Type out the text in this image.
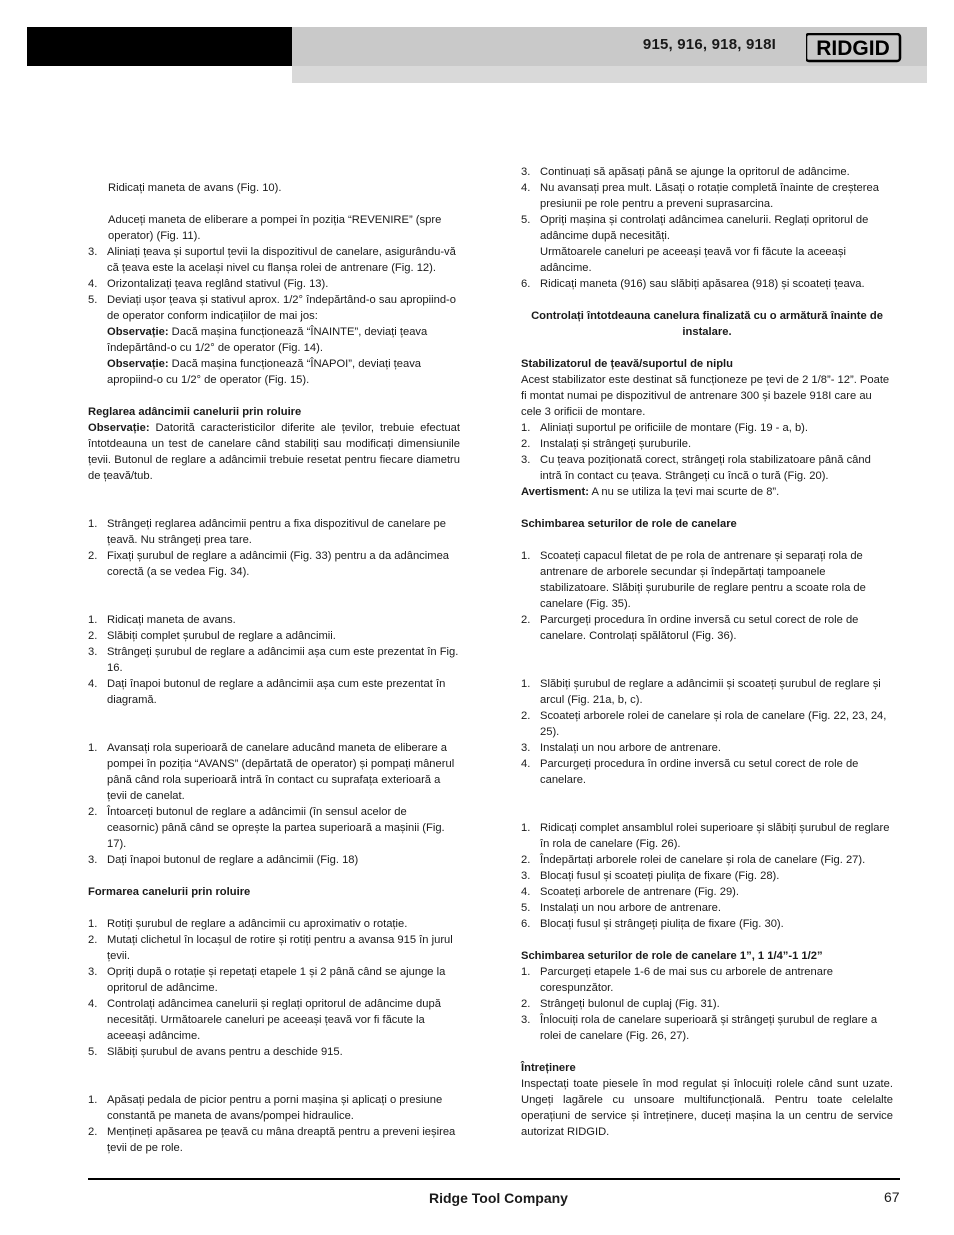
915, 916, 918, 918I RIDGID

Ridicați maneta de avans (Fig. 10).

Aduceți maneta de eliberare a pompei în poziția “REVENIRE” (spre operator) (Fig. 11).

3. Aliniați țeava și suportul țevii la dispozitivul de canelare, asigurându-vă că țeava este la același nivel cu flanșa rolei de antrenare (Fig. 12).
4. Orizontalizați țeava reglând stativul (Fig. 13).
5. Deviați ușor țeava și stativul aprox. 1/2° îndepărtând-o sau apropiind-o de operator conform indicațiilor de mai jos:

Observație: Dacă mașina funcționează “ÎNAINTE”, deviați țeava îndepărtând-o cu 1/2° de operator (Fig. 14).

Observație: Dacă mașina funcționează “ÎNAPOI”, deviați țeava apropiind-o cu 1/2° de operator (Fig. 15).

Reglarea adâncimii canelurii prin roluire

Observație: Datorită caracteristicilor diferite ale țevilor, trebuie efectuat întotdeauna un test de canelare când stabiliți sau modificați dimensiunile țevii. Butonul de reglare a adâncimii trebuie resetat pentru fiecare diametru de țeavă/tub.

1. Strângeți reglarea adâncimii pentru a fixa dispozitivul de canelare pe țeavă. Nu strângeți prea tare.
2. Fixați șurubul de reglare a adâncimii (Fig. 33) pentru a da adâncimea corectă (a se vedea Fig. 34).
1. Ridicați maneta de avans.
2. Slăbiți complet șurubul de reglare a adâncimii.
3. Strângeți șurubul de reglare a adâncimii așa cum este prezentat în Fig. 16.
4. Dați înapoi butonul de reglare a adâncimii așa cum este prezentat în diagramă.
1. Avansați rola superioară de canelare aducând maneta de eliberare a pompei în poziția “AVANS” (depărtată de operator) și pompați mânerul până când rola superioară intră în contact cu suprafața exterioară a țevii de canelat.
2. Întoarceți butonul de reglare a adâncimii (în sensul acelor de ceasornic) până când se oprește la partea superioară a mașinii (Fig. 17).
3. Dați înapoi butonul de reglare a adâncimii (Fig. 18)

Formarea canelurii prin roluire

1. Rotiți șurubul de reglare a adâncimii cu aproximativ o rotație.
2. Mutați clichetul în locașul de rotire și rotiți pentru a avansa 915 în jurul țevii.
3. Opriți după o rotație și repetați etapele 1 și 2 până când se ajunge la opritorul de adâncime.
4. Controlați adâncimea canelurii și reglați opritorul de adâncime după necesități. Următoarele caneluri pe aceeași țeavă vor fi făcute la aceeași adâncime.
5. Slăbiți șurubul de avans pentru a deschide 915.
1. Apăsați pedala de picior pentru a porni mașina și aplicați o presiune constantă pe maneta de avans/pompei hidraulice.
2. Mențineți apăsarea pe țeavă cu mâna dreaptă pentru a preveni ieșirea țevii de pe role.
3. Continuați să apăsați până se ajunge la opritorul de adâncime.
4. Nu avansați prea mult. Lăsați o rotație completă înainte de creșterea presiunii pe role pentru a preveni suprasarcina.
5. Opriți mașina și controlați adâncimea canelurii. Reglați opritorul de adâncime după necesități.

Următoarele caneluri pe aceeași țeavă vor fi făcute la aceeași adâncime.

6. Ridicați maneta (916) sau slăbiți apăsarea (918) și scoateți țeava.

Controlați întotdeauna canelura finalizată cu o armătură înainte de instalare.

Stabilizatorul de țeavă/suportul de niplu

Acest stabilizator este destinat să funcționeze pe țevi de 2 1/8”- 12”. Poate fi montat numai pe dispozitivul de antrenare 300 și bazele 918I care au cele 3 orificii de montare.

1. Aliniați suportul pe orificiile de montare (Fig. 19 - a, b).
2. Instalați și strângeți șuruburile.
3. Cu țeava poziționată corect, strângeți rola stabilizatoare până când intră în contact cu țeava. Strângeți cu încă o tură (Fig. 20).

Avertisment: A nu se utiliza la țevi mai scurte de 8”.

Schimbarea seturilor de role de canelare

1. Scoateți capacul filetat de pe rola de antrenare și separați rola de antrenare de arborele secundar și îndepărtați tampoanele stabilizatoare. Slăbiți șuruburile de reglare pentru a scoate rola de canelare (Fig. 35).
2. Parcurgeți procedura în ordine inversă cu setul corect de role de canelare. Controlați spălătorul (Fig. 36).
1. Slăbiți șurubul de reglare a adâncimii și scoateți șurubul de reglare și arcul (Fig. 21a, b, c).
2. Scoateți arborele rolei de canelare și rola de canelare (Fig. 22, 23, 24, 25).
3. Instalați un nou arbore de antrenare.
4. Parcurgeți procedura în ordine inversă cu setul corect de role de canelare.
1. Ridicați complet ansamblul rolei superioare și slăbiți șurubul de reglare în rola de canelare (Fig. 26).
2. Îndepărtați arborele rolei de canelare și rola de canelare (Fig. 27).
3. Blocați fusul și scoateți piulița de fixare (Fig. 28).
4. Scoateți arborele de antrenare (Fig. 29).
5. Instalați un nou arbore de antrenare.
6. Blocați fusul și strângeți piulița de fixare (Fig. 30).

Schimbarea seturilor de role de canelare 1”, 1 1/4”-1 1/2”

1. Parcurgeți etapele 1-6 de mai sus cu arborele de antrenare corespunzător.
2. Strângeți bulonul de cuplaj (Fig. 31).
3. Înlocuiți rola de canelare superioară și strângeți șurubul de reglare a rolei de canelare (Fig. 26, 27).

Întreținere

Inspectați toate piesele în mod regulat și înlocuiți rolele când sunt uzate. Ungeți lagărele cu unsoare multifuncțională. Pentru toate celelalte operațiuni de service și întreținere, duceți mașina la un centru de service autorizat RIDGID.

Ridge Tool Company	67
